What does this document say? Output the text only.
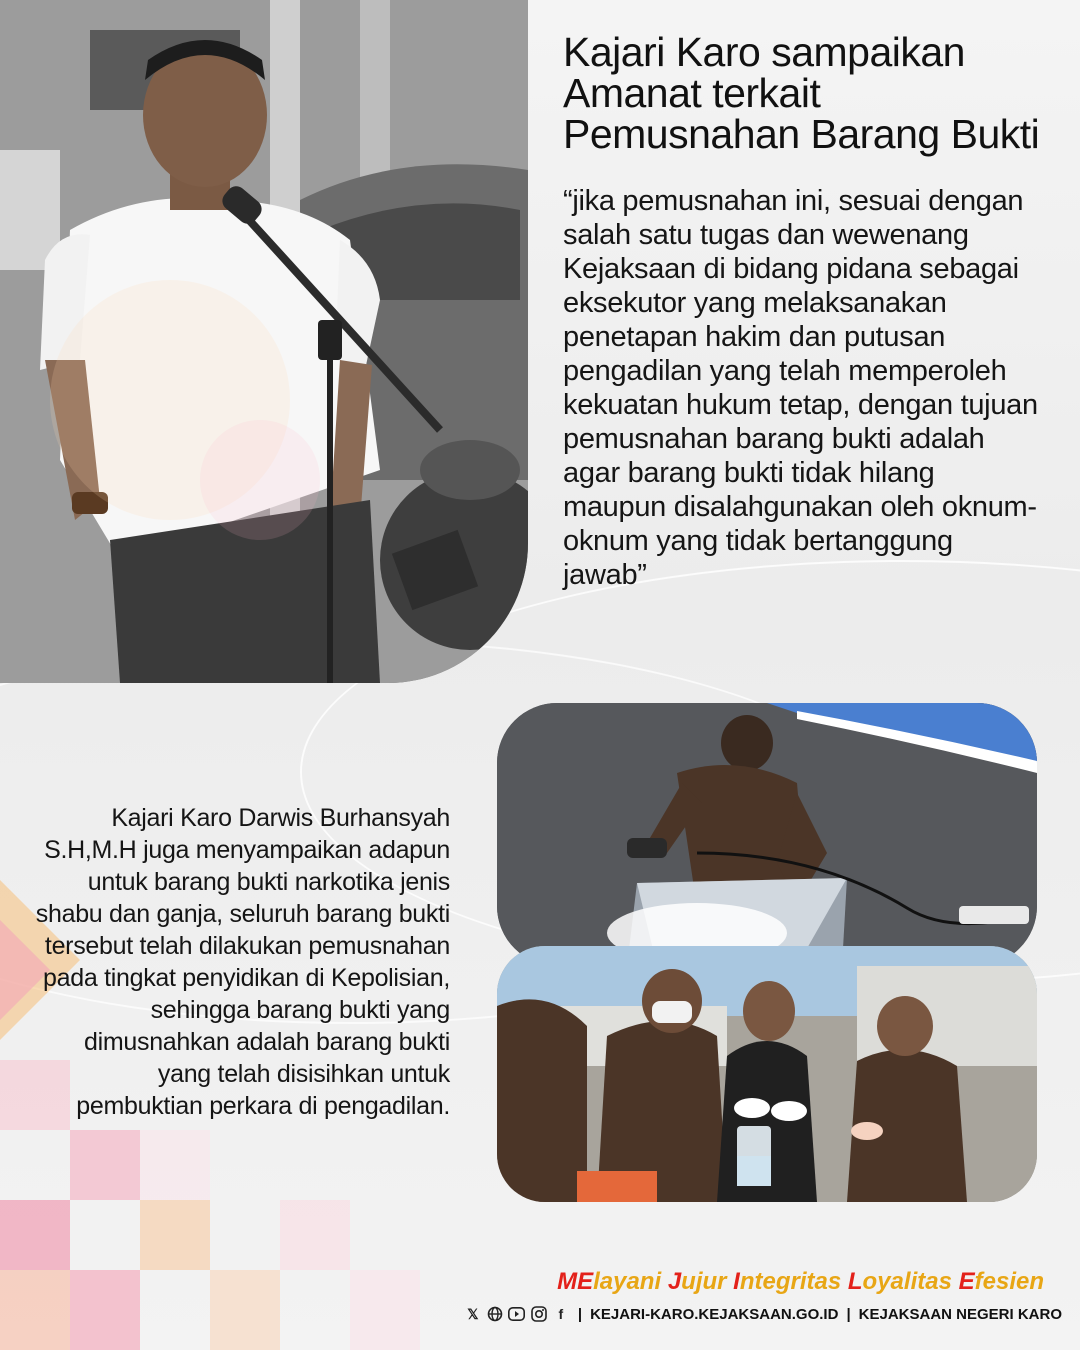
Kajari Karo sampaikan Amanat terkait Pemusnahan Barang Bukti

“jika pemusnahan ini, sesuai dengan salah satu tugas dan wewenang Kejaksaan di bidang pidana sebagai eksekutor yang melaksanakan penetapan hakim dan putusan pengadilan yang telah memperoleh kekuatan hukum tetap, dengan tujuan pemusnahan barang bukti adalah agar barang bukti tidak hilang maupun disalahgunakan oleh oknum-oknum yang tidak bertanggung jawab”

Kajari Karo Darwis Burhansyah S.H,M.H juga menyampaikan adapun untuk barang bukti narkotika jenis shabu dan ganja, seluruh barang bukti tersebut telah dilakukan pemusnahan pada tingkat penyidikan di Kepolisian, sehingga barang bukti yang dimusnahkan adalah barang bukti yang telah disisihkan untuk pembuktian perkara di pengadilan.

MElayani Jujur Integritas Loyalitas Efesien
𝕏	f | KEJARI-KARO.KEJAKSAAN.GO.ID | KEJAKSAAN NEGERI KARO
